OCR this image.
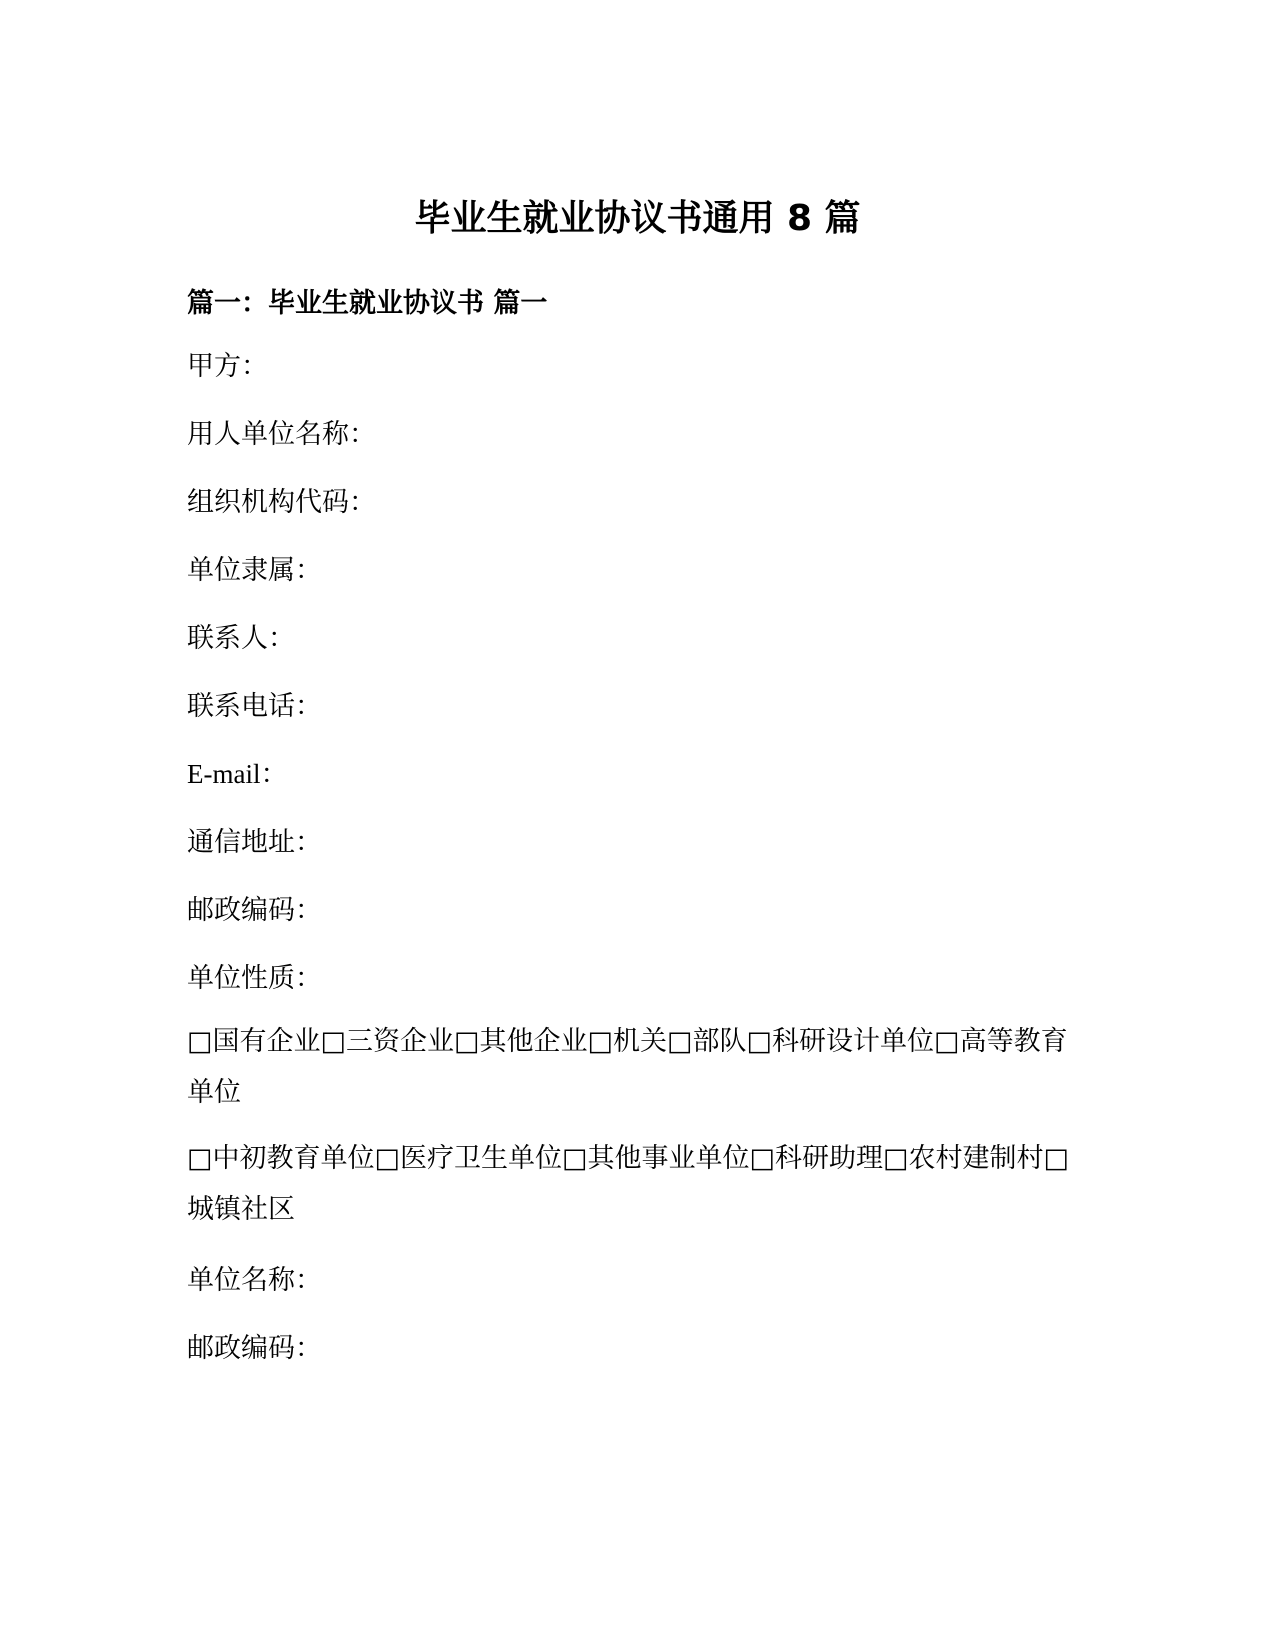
毕业生就业协议书通用 8 篇
篇一：毕业生就业协议书 篇一

甲方：

用人单位名称：

组织机构代码：

单位隶属：

联系人：

联系电话：

E-mail：

通信地址：

邮政编码：

单位性质：

□国有企业□三资企业□其他企业□机关□部队□科研设计单位□高等教育单位

□中初教育单位□医疗卫生单位□其他事业单位□科研助理□农村建制村□城镇社区

单位名称：

邮政编码：
